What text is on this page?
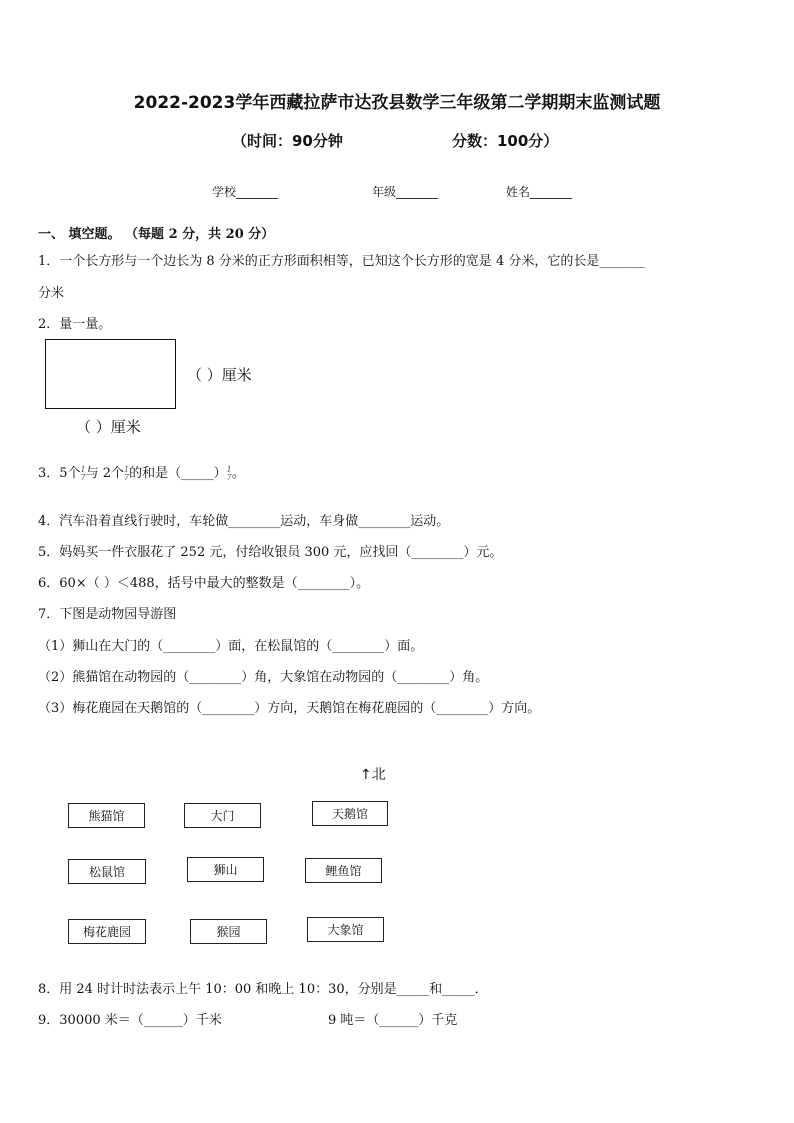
2022-2023学年西藏拉萨市达孜县数学三年级第二学期期末监测试题
（时间：90分钟	分数：100分）
学校_______	年级_______	姓名_______
一、 填空题。 （每题 2 分，共 20 分）
1．一个长方形与一个边长为 8 分米的正方形面积相等，已知这个长方形的宽是 4 分米，它的长是_______
分米
2．量一量。
（ ）厘米
（ ）厘米
3．5个1
7与 2个1
7的和是（_____）1
7。
4．汽车沿着直线行驶时，车轮做________运动，车身做________运动。
5．妈妈买一件衣服花了 252 元，付给收银员 300 元，应找回（________）元。
6．60×（ ）＜488，括号中最大的整数是（________）。
7．下图是动物园导游图
（1）狮山在大门的（________）面，在松鼠馆的（________）面。
（2）熊猫馆在动物园的（________）角，大象馆在动物园的（________）角。
（3）梅花鹿园在天鹅馆的（________）方向，天鹅馆在梅花鹿园的（________）方向。
↑北
熊猫馆	大门	天鹅馆
松鼠馆	狮山	鲤鱼馆
梅花鹿园	猴园	大象馆
8．用 24 时计时法表示上午 10：00 和晚上 10：30，分别是_____和_____．
9．30000 米＝（______）千米	9 吨＝（______）千克
